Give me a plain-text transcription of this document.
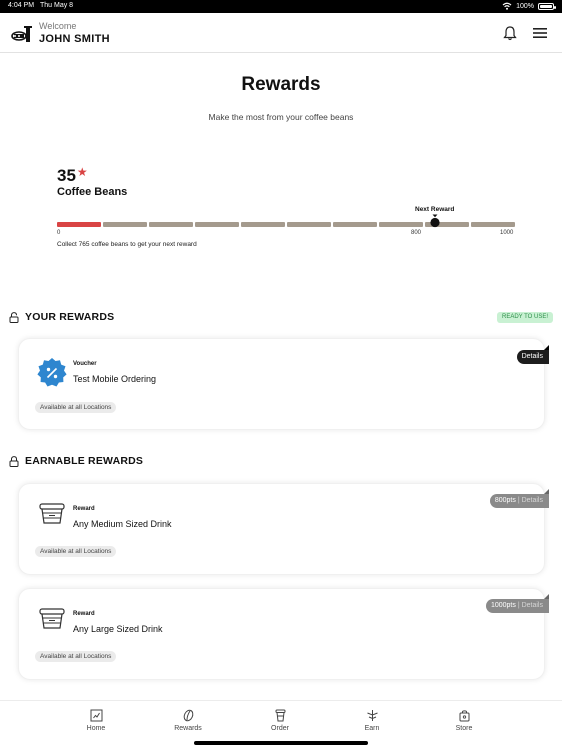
4:04 PM Thu May 8	100%
Welcome
JOHN SMITH
Rewards
Make the most from your coffee beans
35 ★
Coffee Beans
Next Reward
0	800	1000
Collect 765 coffee beans to get your next reward
YOUR REWARDS	READY TO USE!
Voucher
Test Mobile Ordering
Details
Available at all Locations
EARNABLE REWARDS
Reward
Any Medium Sized Drink
800pts | Details
Available at all Locations
Reward
Any Large Sized Drink
1000pts | Details
Available at all Locations
Home	Rewards	Order	Earn	Store
